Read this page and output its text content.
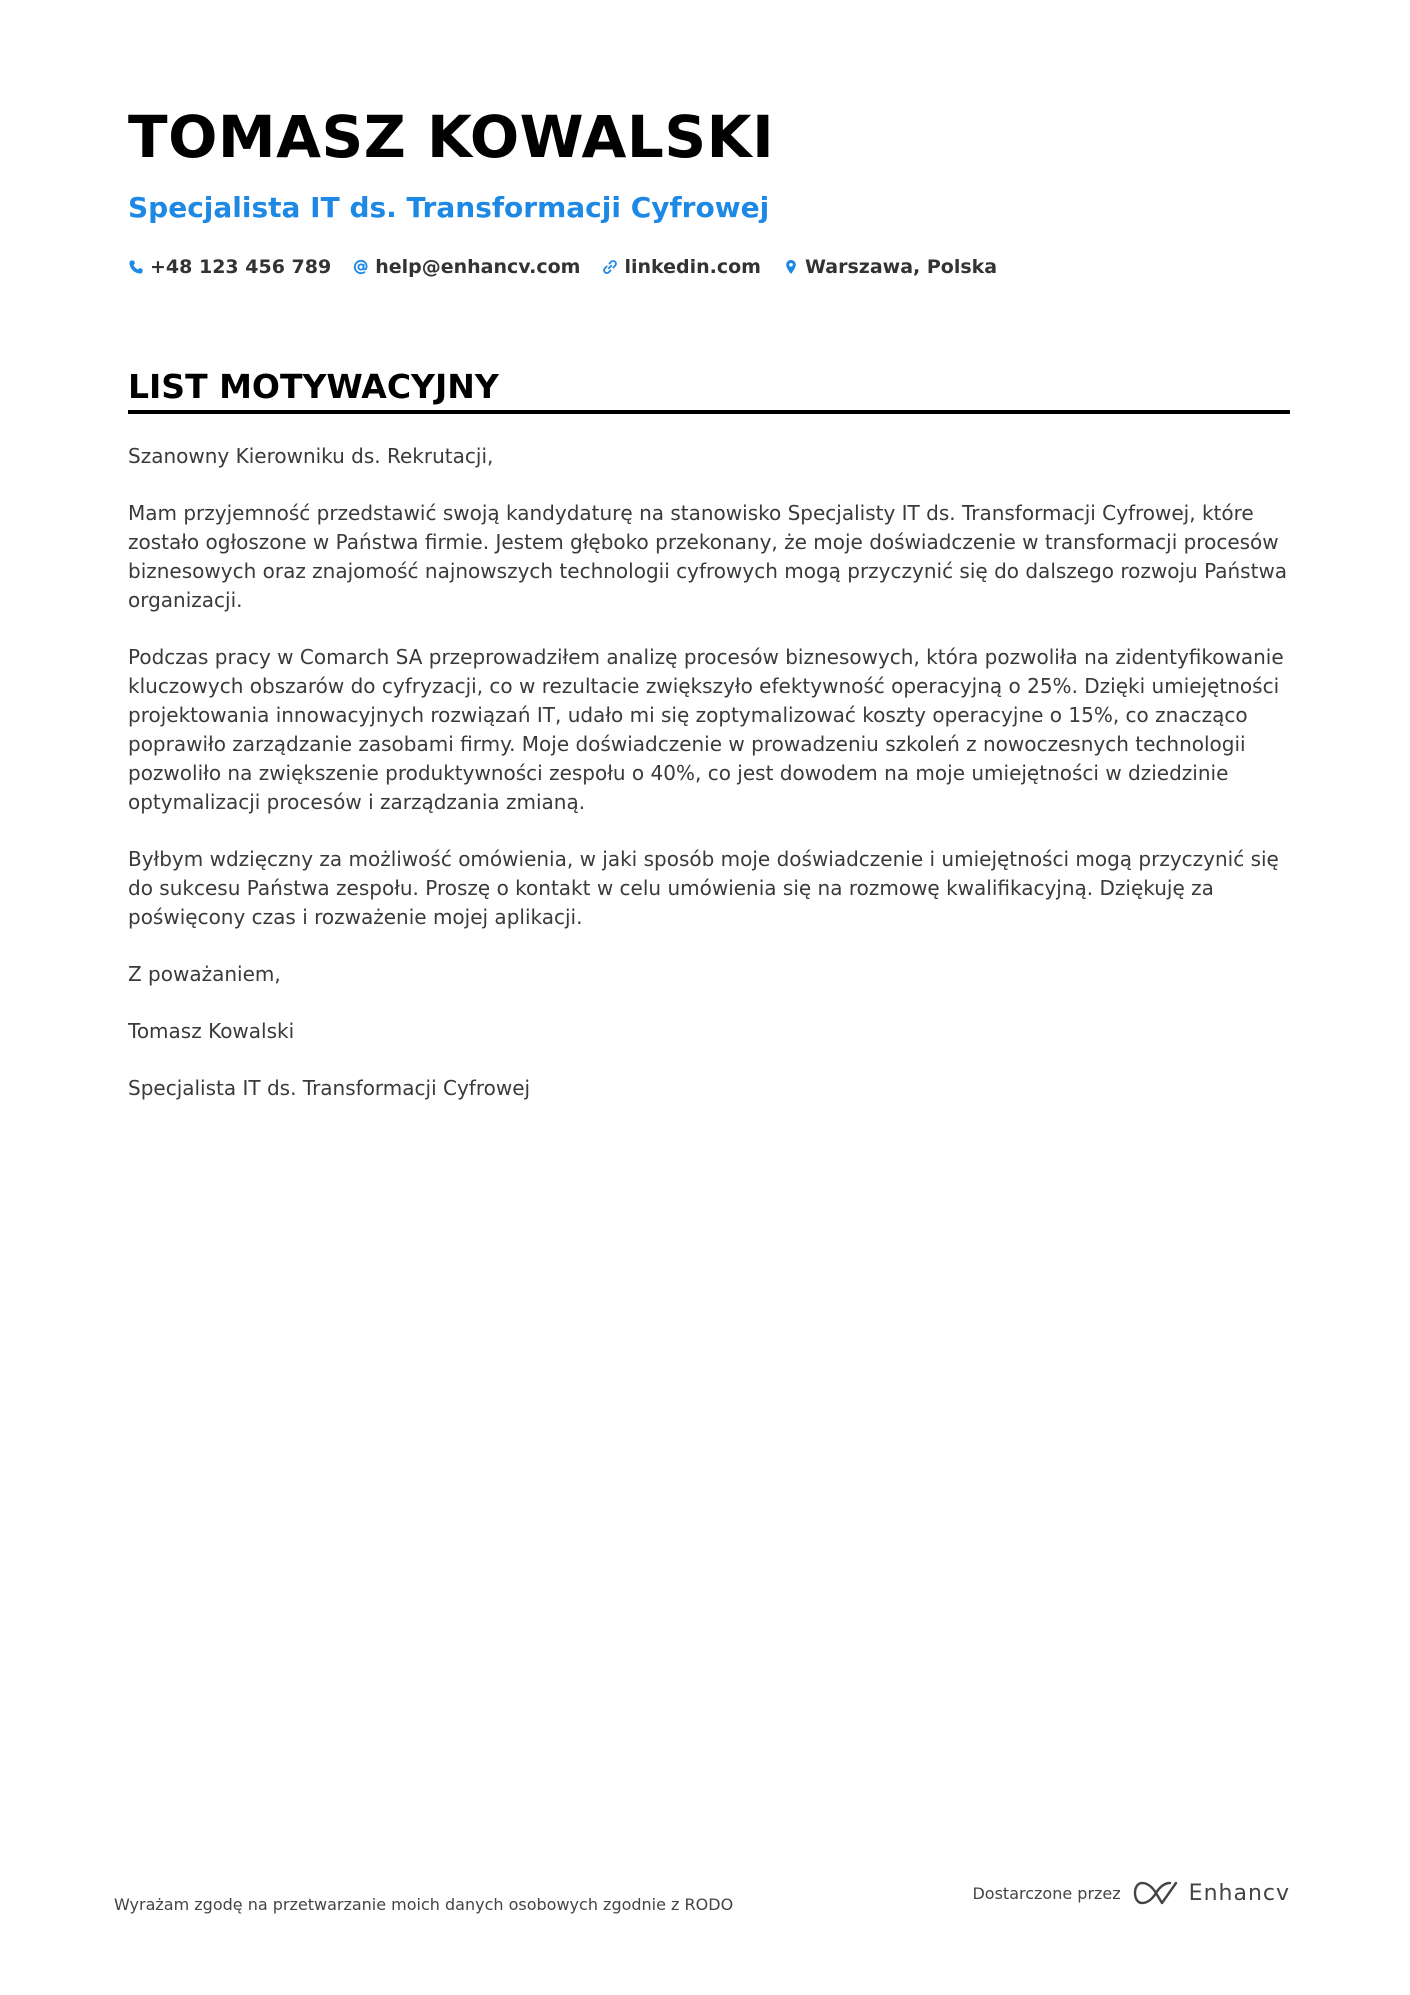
TOMASZ KOWALSKI
Specjalista IT ds. Transformacji Cyfrowej
+48 123 456 789 help@enhancv.com linkedin.com Warszawa, Polska
LIST MOTYWACYJNY

Szanowny Kierowniku ds. Rekrutacji,

Mam przyjemność przedstawić swoją kandydaturę na stanowisko Specjalisty IT ds. Transformacji Cyfrowej, które zostało ogłoszone w Państwa firmie. Jestem głęboko przekonany, że moje doświadczenie w transformacji procesów biznesowych oraz znajomość najnowszych technologii cyfrowych mogą przyczynić się do dalszego rozwoju Państwa organizacji.

Podczas pracy w Comarch SA przeprowadziłem analizę procesów biznesowych, która pozwoliła na zidentyfikowanie kluczowych obszarów do cyfryzacji, co w rezultacie zwiększyło efektywność operacyjną o 25%. Dzięki umiejętności projektowania innowacyjnych rozwiązań IT, udało mi się zoptymalizować koszty operacyjne o 15%, co znacząco poprawiło zarządzanie zasobami firmy. Moje doświadczenie w prowadzeniu szkoleń z nowoczesnych technologii pozwoliło na zwiększenie produktywności zespołu o 40%, co jest dowodem na moje umiejętności w dziedzinie optymalizacji procesów i zarządzania zmianą.

Byłbym wdzięczny za możliwość omówienia, w jaki sposób moje doświadczenie i umiejętności mogą przyczynić się do sukcesu Państwa zespołu. Proszę o kontakt w celu umówienia się na rozmowę kwalifikacyjną. Dziękuję za poświęcony czas i rozważenie mojej aplikacji.

Z poważaniem,

Tomasz Kowalski

Specjalista IT ds. Transformacji Cyfrowej

Wyrażam zgodę na przetwarzanie moich danych osobowych zgodnie z RODO
Dostarczone przez	Enhancv
